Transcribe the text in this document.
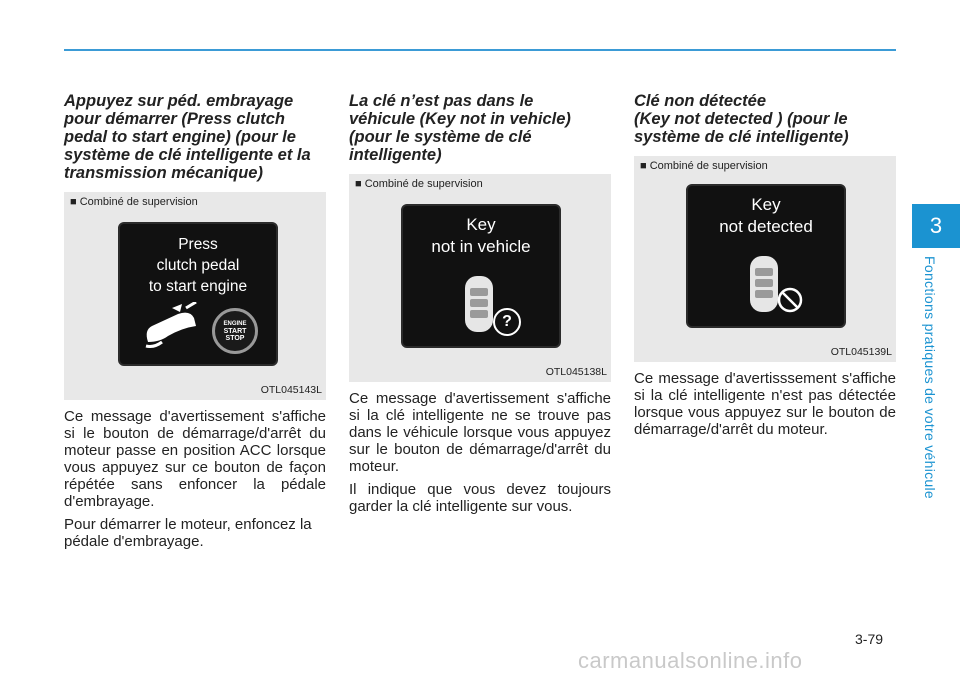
Appuyez sur péd. embrayage
pour démarrer (Press clutch
pedal to start engine) (pour le
système de clé intelligente et la
transmission mécanique)
■ Combiné de supervision
Press
clutch pedal
to start engine
ENGINE
START
STOP
OTL045143L

Ce message d'avertissement s'affiche si le bouton de démarrage/d'arrêt du moteur passe en position ACC lorsque vous appuyez sur ce bouton de façon répétée sans enfoncer la pédale d'embrayage.

Pour démarrer le moteur, enfoncez la pédale d'embrayage.

La clé n’est pas dans le
véhicule (Key not in vehicle)
(pour le système de clé
intelligente)
■ Combiné de supervision
Key
not in vehicle
?
OTL045138L

Ce message d'avertissement s'affiche si la clé intelligente ne se trouve pas dans le véhicule lorsque vous appuyez sur le bouton de démarrage/d'arrêt du moteur.

Il indique que vous devez toujours garder la clé intelligente sur vous.

Clé non détectée
(Key not detected ) (pour le
système de clé intelligente)
■ Combiné de supervision
Key
not detected
OTL045139L

Ce message d'avertisssement s'affiche si la clé intelligente n'est pas détectée lorsque vous appuyez sur le bouton de démarrage/d'arrêt du moteur.

3
Fonctions pratiques de votre véhicule
3-79
carmanualsonline.info
